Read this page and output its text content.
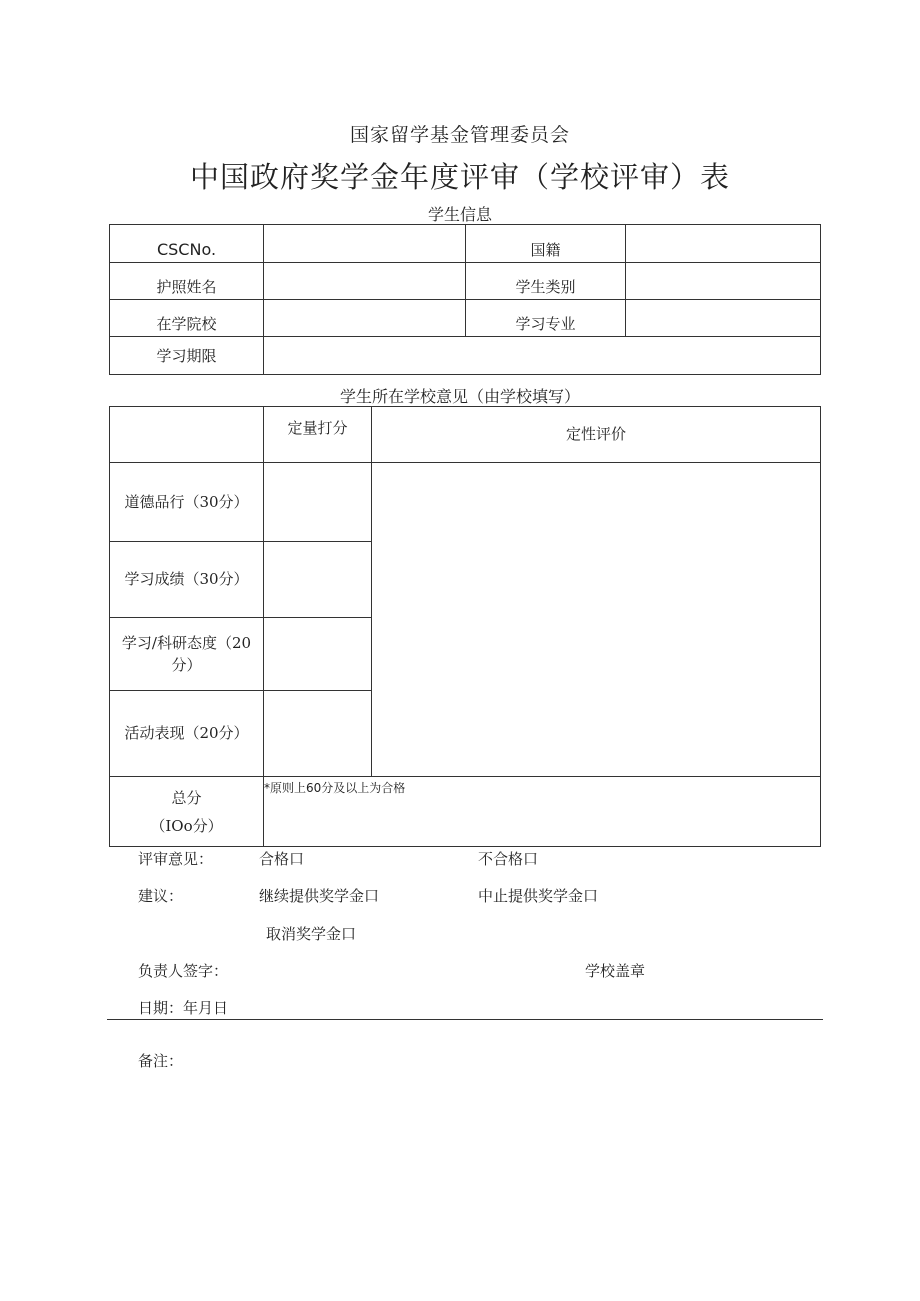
国家留学基金管理委员会
中国政府奖学金年度评审（学校评审）表
学生信息
CSCNo.	国籍
护照姓名	学生类别
在学院校	学习专业
学习期限
学生所在学校意见（由学校填写）
定量打分	定性评价
道德品行（30分）
学习成绩（30分）
学习/科研态度（20分）
活动表现（20分）
总分
（IOo分）
*原则上60分及以上为合格
评审意见：	合格口	不合格口
建议：	继续提供奖学金口	中止提供奖学金口
取消奖学金口
负责人签字：	学校盖章
日期：年月日
备注：
